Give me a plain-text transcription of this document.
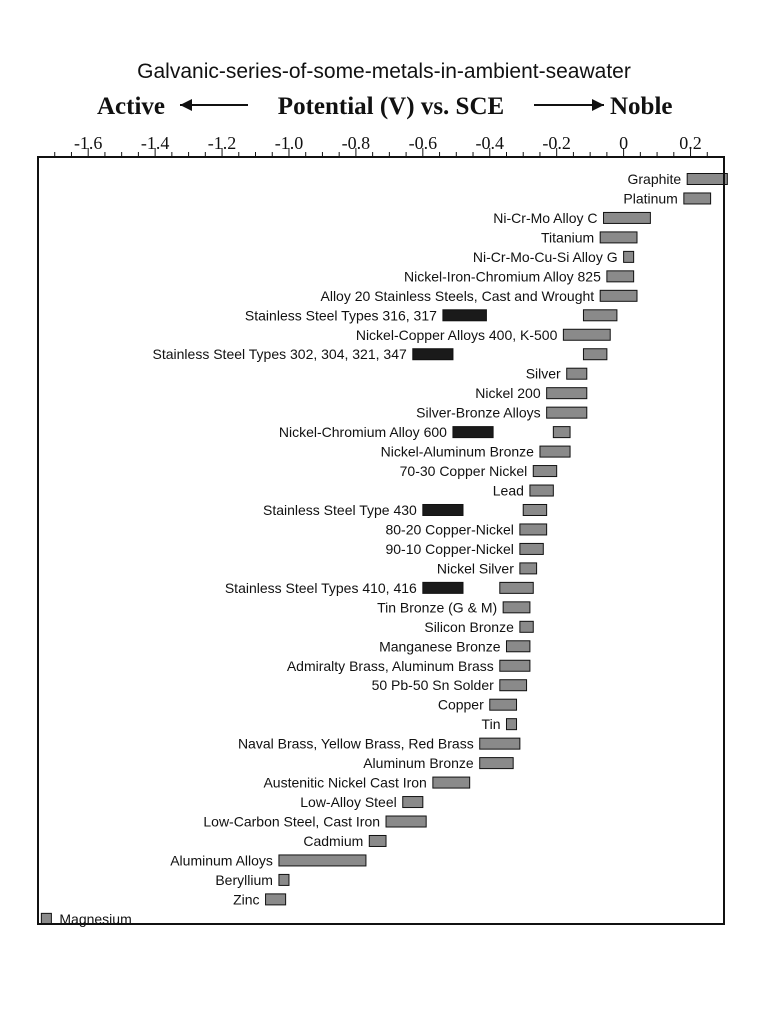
Galvanic-series-of-some-metals-in-ambient-seawater
Active	Potential (V) vs. SCE	Noble
-1.6 -1.4 -1.2 -1.0 -0.8 -0.6 -0.4 -0.2	0	0.2
Graphite
Platinum
Ni-Cr-Mo Alloy C
Titanium
Ni-Cr-Mo-Cu-Si Alloy G
Nickel-Iron-Chromium Alloy 825
Alloy 20 Stainless Steels, Cast and Wrought
Stainless Steel Types 316, 317
Nickel-Copper Alloys 400, K-500
Stainless Steel Types 302, 304, 321, 347
Silver
Nickel 200
Silver-Bronze Alloys
Nickel-Chromium Alloy 600
Nickel-Aluminum Bronze
70-30 Copper Nickel
Lead
Stainless Steel Type 430
80-20 Copper-Nickel
90-10 Copper-Nickel
Nickel Silver
Stainless Steel Types 410, 416
Tin Bronze (G & M)
Silicon Bronze
Manganese Bronze
Admiralty Brass, Aluminum Brass
50 Pb-50 Sn Solder
Copper
Tin
Naval Brass, Yellow Brass, Red Brass
Aluminum Bronze
Austenitic Nickel Cast Iron
Low-Alloy Steel
Low-Carbon Steel, Cast Iron
Cadmium
Aluminum Alloys
Beryllium
Zinc
Magnesium
